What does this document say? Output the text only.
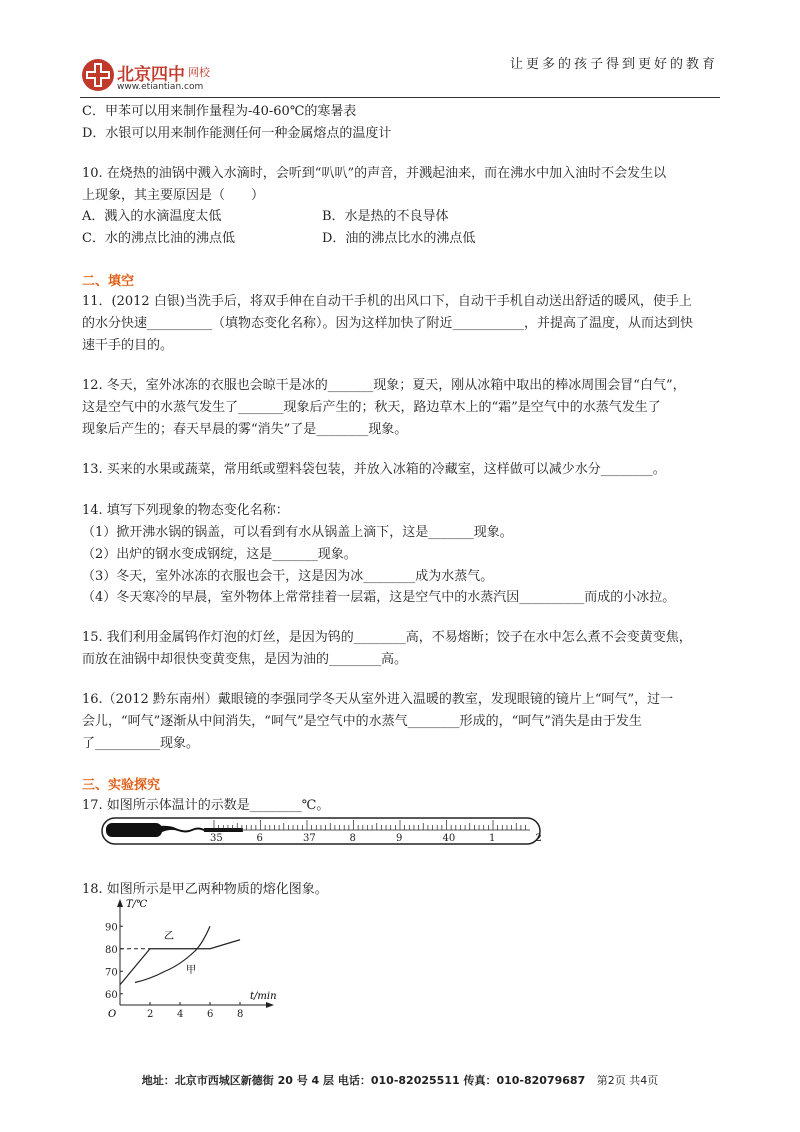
北京四中 网校
www.etiantian.com
让更多的孩子得到更好的教育
C．甲苯可以用来制作量程为-40-60℃的寒暑表
D．水银可以用来制作能测任何一种金属熔点的温度计
10. 在烧热的油锅中溅入水滴时，会听到“叭叭”的声音，并溅起油来，而在沸水中加入油时不会发生以
上现象，其主要原因是（　　）
A．溅入的水滴温度太低	B．水是热的不良导体
C．水的沸点比油的沸点低	D．油的沸点比水的沸点低
二、填空
11．(2012 白银)当洗手后，将双手伸在自动干手机的出风口下，自动干手机自动送出舒适的暖风，使手上
的水分快速__________（填物态变化名称）。因为这样加快了附近___________，并提高了温度，从而达到快
速干手的目的。
12. 冬天，室外冰冻的衣服也会晾干是冰的_______现象；夏天，刚从冰箱中取出的棒冰周围会冒“白气”，
这是空气中的水蒸气发生了_______现象后产生的；秋天，路边草木上的“霜”是空气中的水蒸气发生了
现象后产生的；春天早晨的雾“消失”了是________现象。
13. 买来的水果或蔬菜，常用纸或塑料袋包装，并放入冰箱的冷藏室，这样做可以减少水分________。
14. 填写下列现象的物态变化名称：
（1）掀开沸水锅的锅盖，可以看到有水从锅盖上滴下，这是_______现象。
（2）出炉的钢水变成钢绽，这是_______现象。
（3）冬天，室外冰冻的衣服也会干，这是因为冰________成为水蒸气。
（4）冬天寒冷的早晨，室外物体上常常挂着一层霜，这是空气中的水蒸汽因__________而成的小冰拉。
15. 我们利用金属钨作灯泡的灯丝，是因为钨的________高，不易熔断；饺子在水中怎么煮不会变黄变焦，
而放在油锅中却很快变黄变焦，是因为油的________高。
16.（2012 黔东南州）戴眼镜的李强同学冬天从室外进入温暖的教室，发现眼镜的镜片上“呵气”，过一
会儿，“呵气”逐渐从中间消失，“呵气”是空气中的水蒸气________形成的，“呵气”消失是由于发生
了__________现象。
三、实验探究
17. 如图所示体温计的示数是________℃。
35	6	37	8	9	40	1	2
18. 如图所示是甲乙两种物质的熔化图象。
60
70
80
90
2 4 6 8
T/℃
t/min
O
乙
甲
地址：北京市西城区新德街 20 号 4 层 电话：010-82025511 传真：010-82079687 第2页 共4页
